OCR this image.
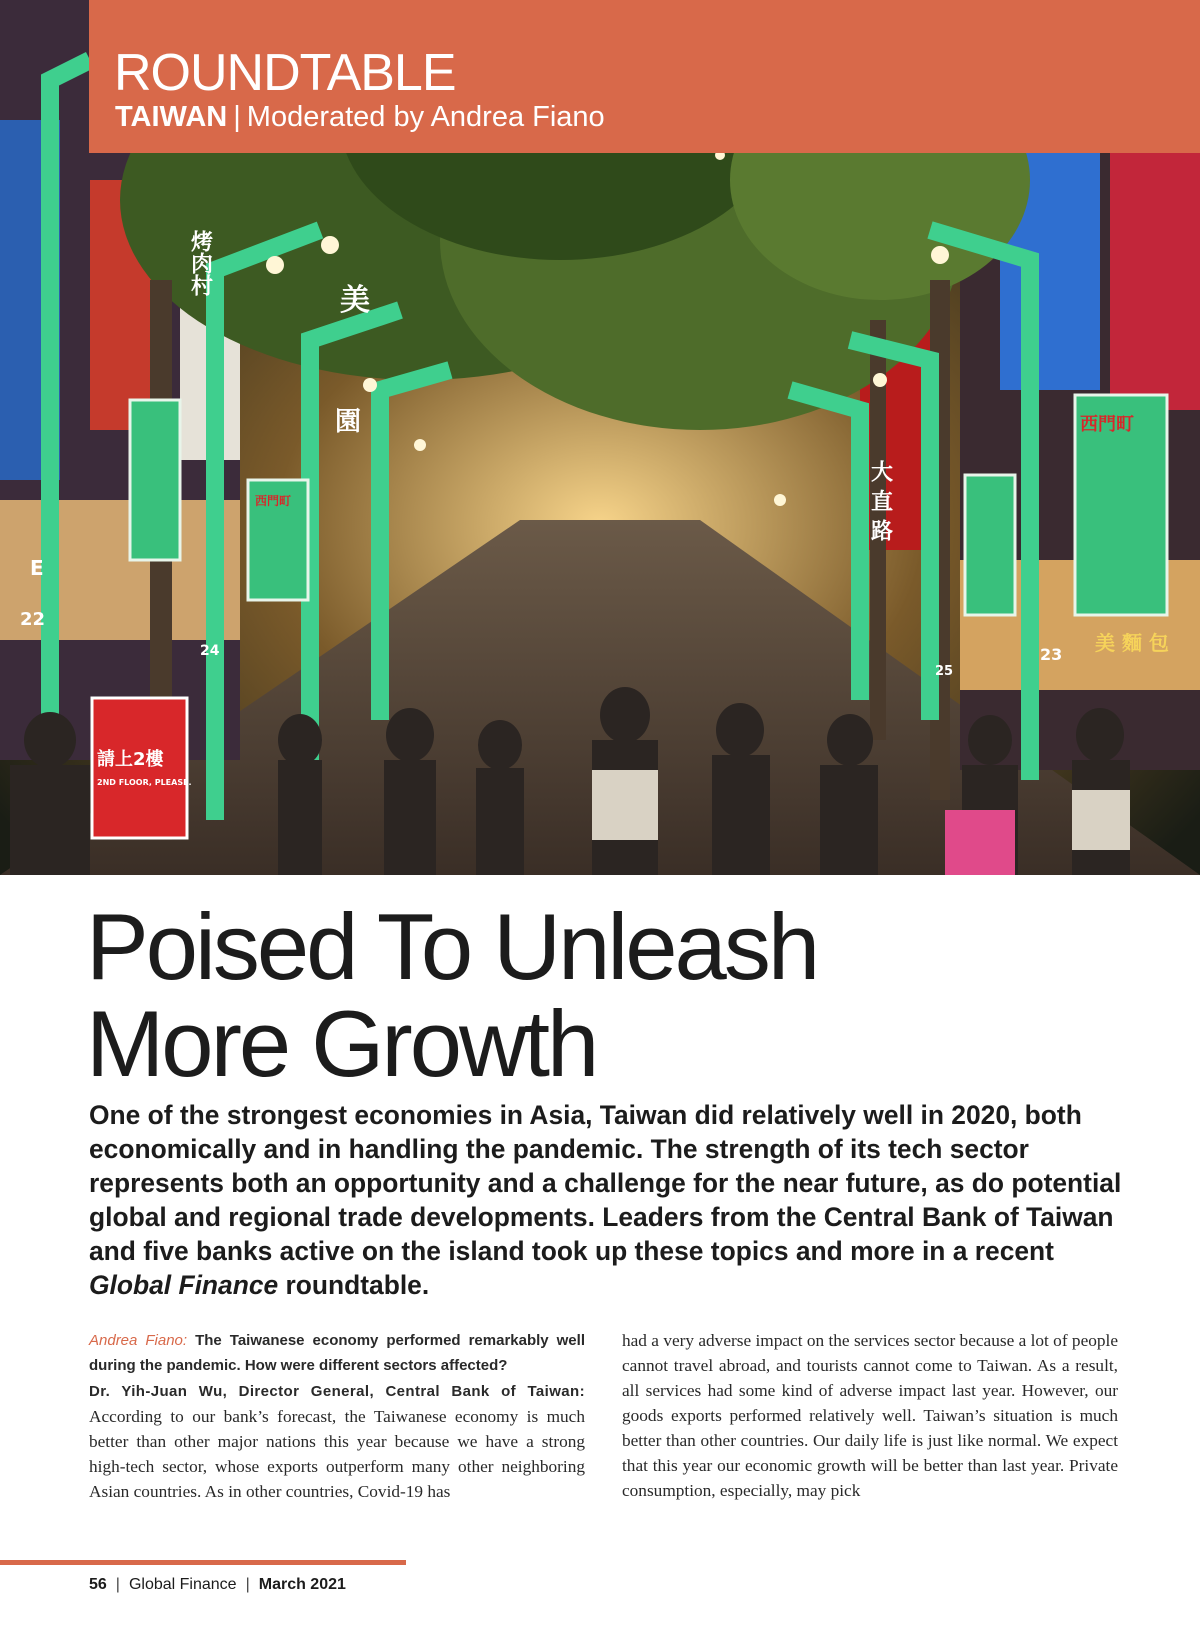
烤肉村
美
園
大 直 路
西門町
西門町
請上2樓
2ND FLOOR, PLEASE.
美 麵 包
24
22
23
25
E
ROUNDTABLE
TAIWAN | Moderated by Andrea Fiano
Poised To Unleash
More Growth

One of the strongest economies in Asia, Taiwan did relatively well in 2020, both economically and in handling the pandemic. The strength of its tech sector represents both an opportunity and a challenge for the near future, as do potential global and regional trade developments. Leaders from the Central Bank of Taiwan and five banks active on the island took up these topics and more in a recent Global Finance roundtable.

Andrea Fiano: The Taiwanese economy performed remarkably well during the pandemic. How were different sectors affected?
Dr. Yih-Juan Wu, Director General, Central Bank of Taiwan: According to our bank’s forecast, the Taiwanese economy is much better than other major nations this year because we have a strong high-tech sector, whose exports outperform many other neighboring Asian countries. As in other countries, Covid-19 has
had a very adverse impact on the services sector because a lot of people cannot travel abroad, and tourists cannot come to Taiwan. As a result, all services had some kind of adverse impact last year. However, our goods exports performed relatively well. Taiwan’s situation is much better than other countries. Our daily life is just like normal. We expect that this year our economic growth will be better than last year. Private consumption, especially, may pick
56 | Global Finance | March 2021
